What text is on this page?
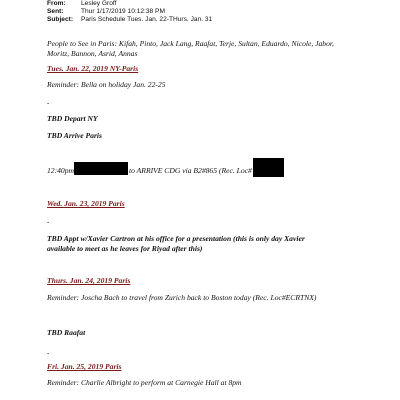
From: Lesley Groff
Sent:	Thur 1/17/2019 10:12:38 PM
Subject: Paris Schedule Tues. Jan. 22-THurs. Jan. 31
People to See in Paris: Kifah, Pinto, Jack Lang, Raafat, Terje, Sultan, Eduardo, Nicole, Jabor,
Moritz, Bannon, Asrid, Annas
Tues. Jan. 22, 2019 NY-Paris
Reminder: Bella on holiday Jan. 22-25
-
TBD Depart NY
TBD Arrive Paris
12:40pm	to ARRIVE CDG via B2#865 (Rec. Loc#
Wed. Jan. 23, 2019 Paris
-
TBD Appt w/Xavier Cartron at his office for a presentation (this is only day Xavier
available to meet as he leaves for Riyad after this)
Thurs. Jan. 24, 2019 Paris
Reminder: Joscha Bach to travel from Zurich back to Boston today (Rec. Loc#ECRTNX)
TBD Raafat
-
Fri. Jan. 25, 2019 Paris
Reminder: Charlie Albright to perform at Carnegie Hall at 8pm
